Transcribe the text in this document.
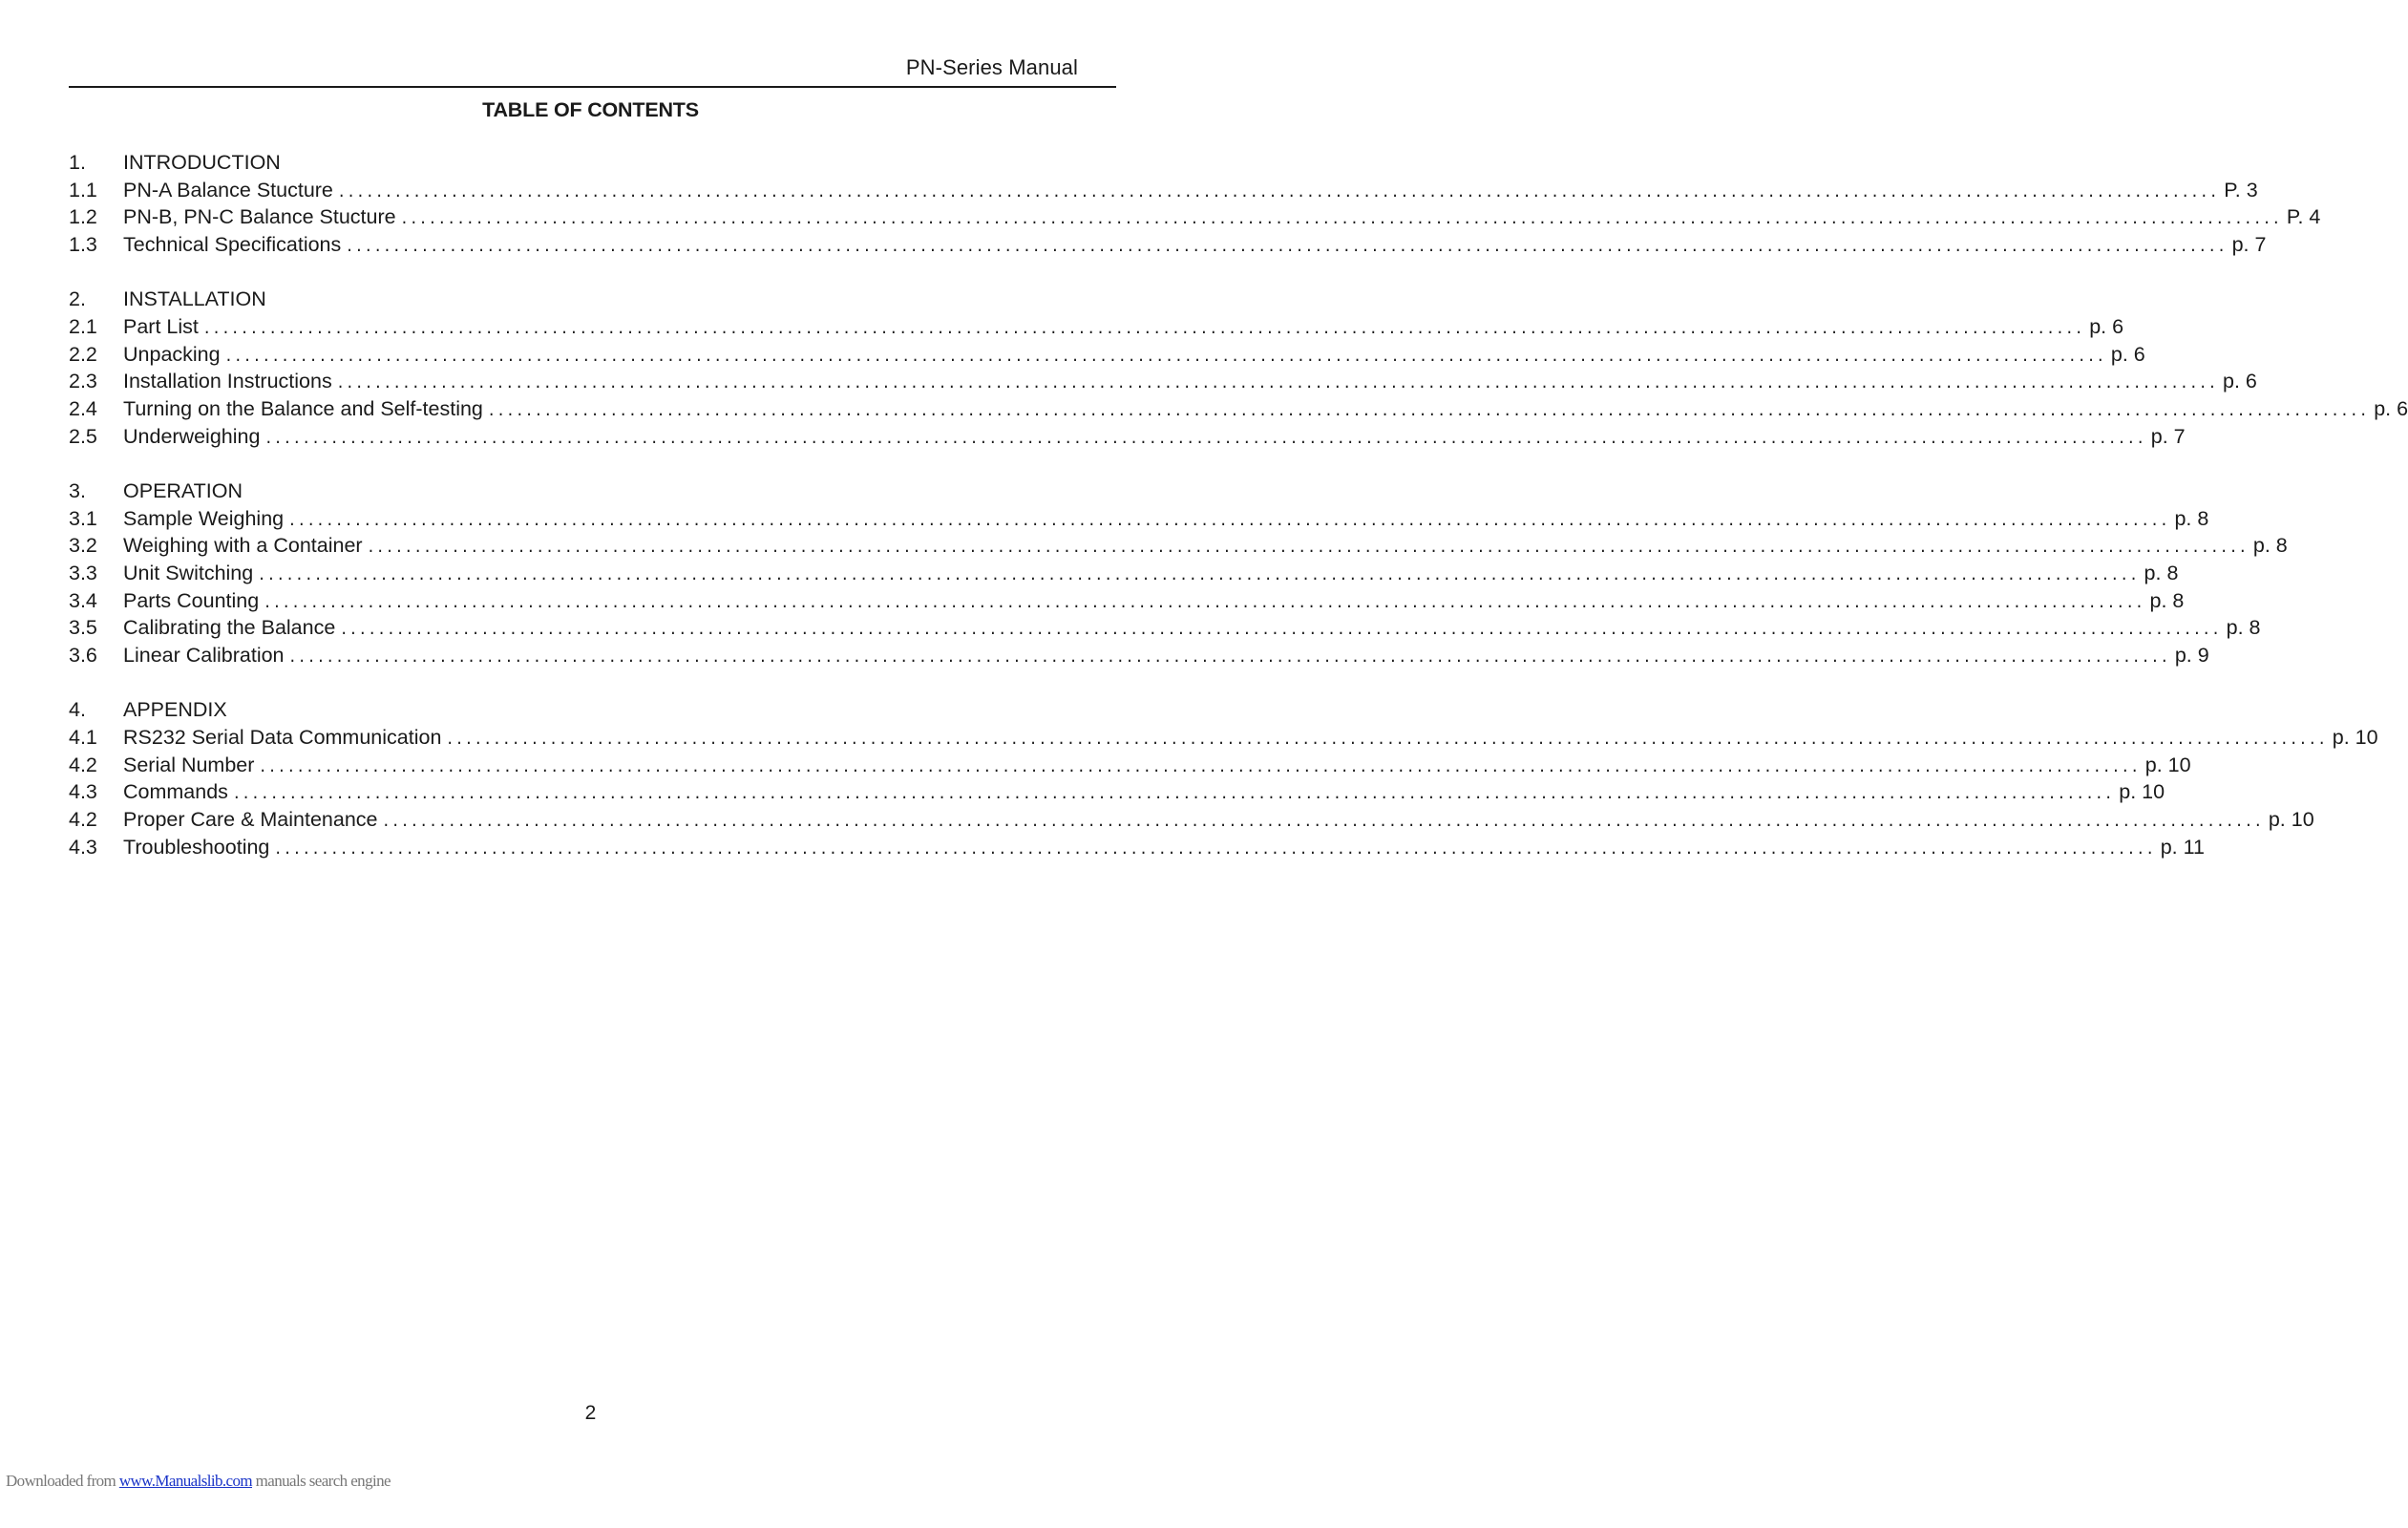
PN-Series Manual
TABLE OF CONTENTS
1.	INTRODUCTION
1.1	PN-A Balance Stucture ........................................................................................................................................................................................................ P. 3
1.2	PN-B, PN-C Balance Stucture ........................................................................................................................................................................................................ P. 4
1.3	Technical Specifications ........................................................................................................................................................................................................ p. 7
2.	INSTALLATION
2.1	Part List ........................................................................................................................................................................................................ p. 6
2.2	Unpacking ........................................................................................................................................................................................................ p. 6
2.3	Installation Instructions ........................................................................................................................................................................................................ p. 6
2.4	Turning on the Balance and Self-testing ........................................................................................................................................................................................................ p. 6
2.5	Underweighing ........................................................................................................................................................................................................ p. 7
3.	OPERATION
3.1	Sample Weighing ........................................................................................................................................................................................................ p. 8
3.2	Weighing with a Container ........................................................................................................................................................................................................ p. 8
3.3	Unit Switching ........................................................................................................................................................................................................ p. 8
3.4	Parts Counting ........................................................................................................................................................................................................ p. 8
3.5	Calibrating the Balance ........................................................................................................................................................................................................ p. 8
3.6	Linear Calibration ........................................................................................................................................................................................................ p. 9
4.	APPENDIX
4.1	RS232 Serial Data Communication ........................................................................................................................................................................................................ p. 10
4.2	Serial Number ........................................................................................................................................................................................................ p. 10
4.3	Commands ........................................................................................................................................................................................................ p. 10
4.2	Proper Care & Maintenance ........................................................................................................................................................................................................ p. 10
4.3	Troubleshooting ........................................................................................................................................................................................................ p. 11
2
Downloaded from www.Manualslib.com manuals search engine
